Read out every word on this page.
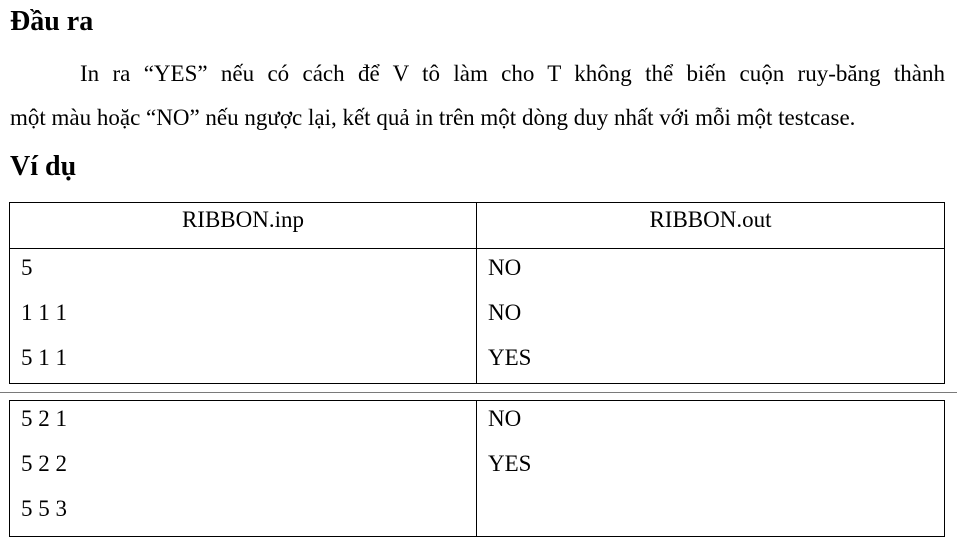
Đầu ra
In ra “YES” nếu có cách để V tô làm cho T không thể biến cuộn ruy-băng thành
một màu hoặc “NO” nếu ngược lại, kết quả in trên một dòng duy nhất với mỗi một testcase.
Ví dụ
RIBBON.inp	RIBBON.out
5
1 1 1
5 1 1
NO
NO
YES
5 2 1
5 2 2
5 5 3
NO
YES
